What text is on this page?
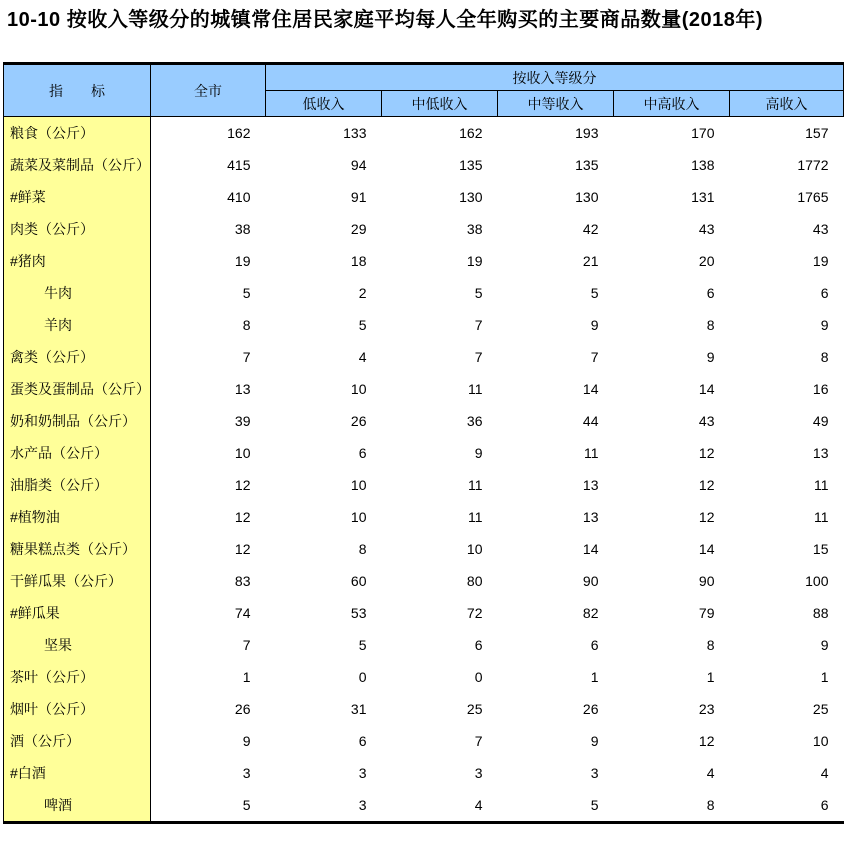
10-10 按收入等级分的城镇常住居民家庭平均每人全年购买的主要商品数量(2018年)
指　　标	全市	按收入等级分				
		低收入	中低收入	中等收入	中高收入	高收入
粮食（公斤）	162	133	162	193	170	157
蔬菜及菜制品（公斤）	415	94	135	135	138	1772
#鲜菜	410	91	130	130	131	1765
肉类（公斤）	38	29	38	42	43	43
#猪肉	19	18	19	21	20	19
牛肉	5	2	5	5	6	6
羊肉	8	5	7	9	8	9
禽类（公斤）	7	4	7	7	9	8
蛋类及蛋制品（公斤）	13	10	11	14	14	16
奶和奶制品（公斤）	39	26	36	44	43	49
水产品（公斤）	10	6	9	11	12	13
油脂类（公斤）	12	10	11	13	12	11
#植物油	12	10	11	13	12	11
糖果糕点类（公斤）	12	8	10	14	14	15
干鲜瓜果（公斤）	83	60	80	90	90	100
#鲜瓜果	74	53	72	82	79	88
坚果	7	5	6	6	8	9
茶叶（公斤）	1	0	0	1	1	1
烟叶（公斤）	26	31	25	26	23	25
酒（公斤）	9	6	7	9	12	10
#白酒	3	3	3	3	4	4
啤酒	5	3	4	5	8	6
